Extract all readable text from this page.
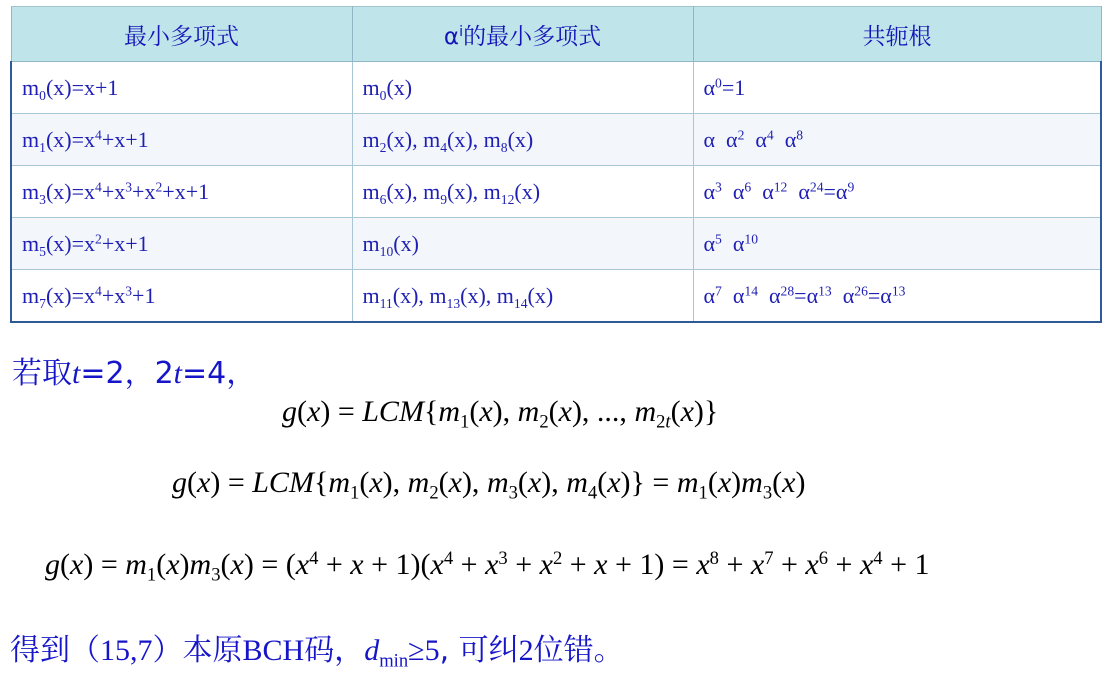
最小多项式	$\alpha^i$的最小多项式	共轭根
$m_0(x)=x+1$	$m_0(x)$	$\alpha^0=1$
$m_1(x)=x^4+x+1$	$m_2(x)$, $m_4(x)$, $m_8(x)$	α  $\alpha^2$  $\alpha^4$  $\alpha^8$
$m_3(x)=x^4+x^3+x^2+x+1$	$m_6(x)$, $m_9(x)$, $m_{12}(x)$	$\alpha^3$  $\alpha^6$  $\alpha^{12}$  $\alpha^{24}=\alpha^9$
$m_5(x)=x^2+x+1$	$m_{10}(x)$	$\alpha^5$  $\alpha^{10}$
$m_7(x)=x^4+x^3+1$	$m_{11}(x)$, $m_{13}(x)$, $m_{14}(x)$	$\alpha^7$  $\alpha^{14}$  $\alpha^{28}=\alpha^{13}$  $\alpha^{26}=\alpha^{13}$
若取t=2，2t=4，
$g(x) = LCM\{m_1(x)$, $m_2(x)$, ..., $m_{2t}(x)$}
$g(x) = LCM\{m_1(x)$, $m_2(x)$, $m_3(x)$, $m_4(x)\} = m_1(x)m_3(x)$
$g(x) = m_1(x)m_3(x) = (x^4 + x + 1)(x^4 + x^3 + x^2 + x + 1) = x^8 + x^7 + x^6 + x^4 + 1$
得到（15,7）本原BCH码，$d_{min}\ge 5$, 可纠2位错。
